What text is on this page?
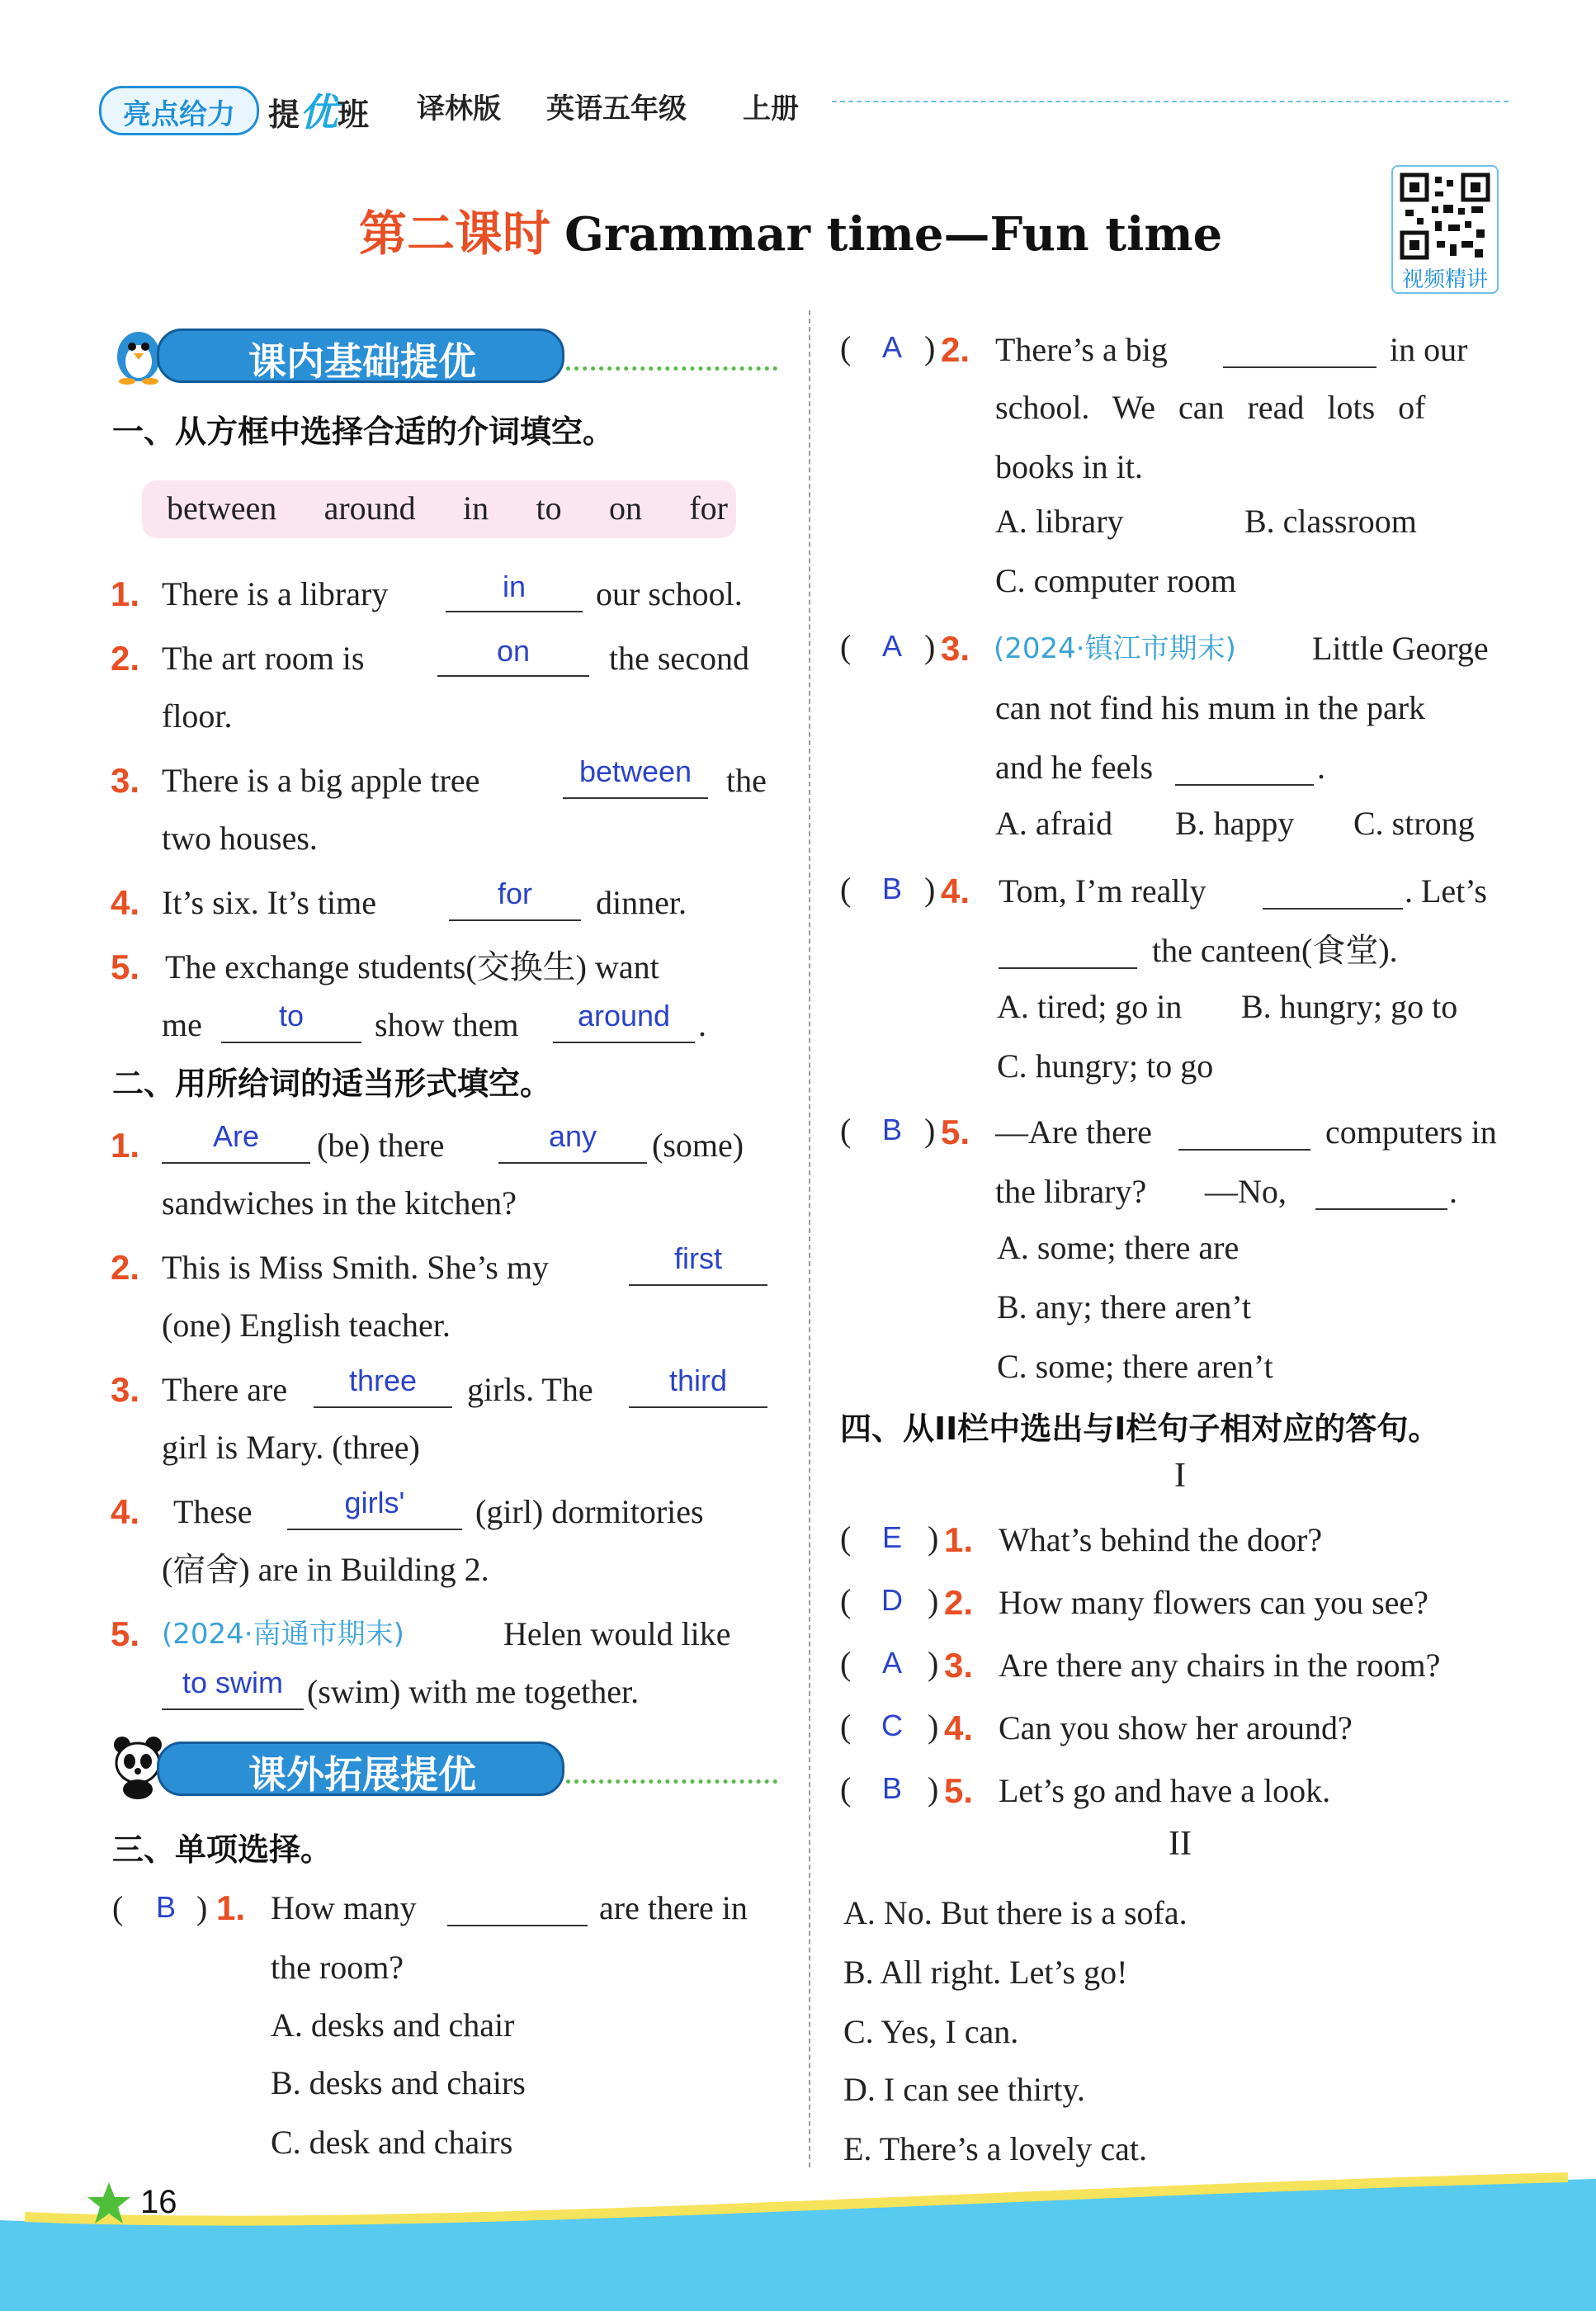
亮点给力	提优班 译林版 英语五年级 上册
第二课时 Grammar time—Fun time
视频精讲
课内基础提优
一、从方框中选择合适的介词填空。
between around in to on for
1. There is a library	in	our school.
2. The art room is	on	the second
floor.
3. There is a big apple tree	between	the
two houses.
4. It’s six. It’s time	for	dinner.
5. The exchange students(交换生) want
me	to	show them	around .
二、用所给词的适当形式填空。
1.	Are	(be) there	any	(some)
sandwiches in the kitchen?
2. This is Miss Smith. She’s my	first
(one) English teacher.
3. There are	three	girls. The	third
girl is Mary. (three)
4. These	girls'	(girl) dormitories
(宿舍) are in Building 2.
5. (2024·南通市期末)	Helen would like
to swim (swim) with me together.
课外拓展提优
三、单项选择。
(	B ) 1. How many	are there in
the room?
A. desks and chair
B. desks and chairs
C. desk and chairs
(	A ) 2. There’s a big	in our
school. We can read lots of
books in it.
A. library	B. classroom
C. computer room
(	A ) 3. (2024·镇江市期末) Little George
can not find his mum in the park
and he feels	.
A. afraid B. happy C. strong
(	B ) 4. Tom, I’m really	. Let’s
the canteen(食堂).
A. tired; go in B. hungry; go to
C. hungry; to go
(	B ) 5. —Are there	computers in
the library? —No,	.
A. some; there are
B. any; there aren’t
C. some; there aren’t
四、从II栏中选出与I栏句子相对应的答句。
I
(	E ) 1. What’s behind the door?
(	D ) 2. How many flowers can you see?
(	A ) 3. Are there any chairs in the room?
(	C ) 4. Can you show her around?
(	B ) 5. Let’s go and have a look.
II
A. No. But there is a sofa.
B. All right. Let’s go!
C. Yes, I can.
D. I can see thirty.
E. There’s a lovely cat.
16
